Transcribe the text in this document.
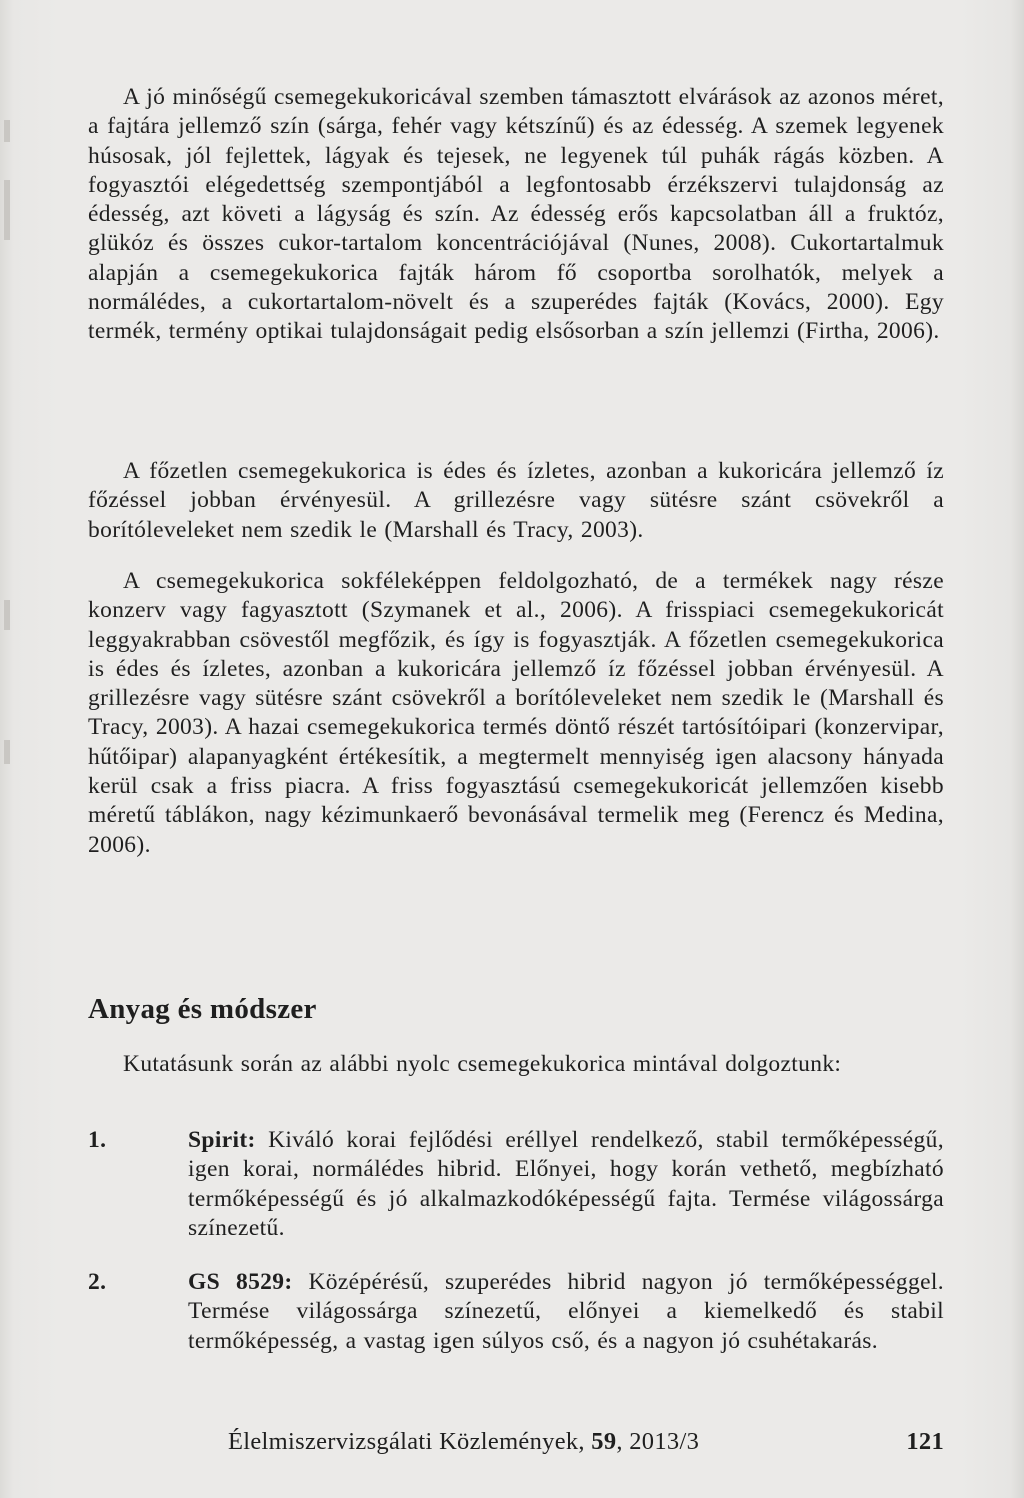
A jó minőségű csemegekukoricával szemben támasztott elvárások az azonos méret, a fajtára jellemző szín (sárga, fehér vagy kétszínű) és az édesség. A szemek legyenek húsosak, jól fejlettek, lágyak és tejesek, ne legyenek túl puhák rágás közben. A fogyasztói elégedettség szempontjából a legfontosabb érzékszervi tulajdonság az édesség, azt követi a lágyság és szín. Az édesség erős kapcsolatban áll a fruktóz, glükóz és összes cukor-tartalom koncentrációjával (Nunes, 2008). Cukortartalmuk alapján a csemegekukorica fajták három fő csoportba sorolhatók, melyek a normálédes, a cukortartalom-növelt és a szuperédes fajták (Kovács, 2000). Egy termék, termény optikai tulajdonságait pedig elsősorban a szín jellemzi (Firtha, 2006).

A főzetlen csemegekukorica is édes és ízletes, azonban a kukoricára jellemző íz főzéssel jobban érvényesül. A grillezésre vagy sütésre szánt csövekről a borítóleveleket nem szedik le (Marshall és Tracy, 2003).

A csemegekukorica sokféleképpen feldolgozható, de a termékek nagy része konzerv vagy fagyasztott (Szymanek et al., 2006). A frisspiaci csemegekukoricát leggyakrabban csövestől megfőzik, és így is fogyasztják. A főzetlen csemegekukorica is édes és ízletes, azonban a kukoricára jellemző íz főzéssel jobban érvényesül. A grillezésre vagy sütésre szánt csövekről a borítóleveleket nem szedik le (Marshall és Tracy, 2003). A hazai csemegekukorica termés döntő részét tartósítóipari (konzervipar, hűtőipar) alapanyagként értékesítik, a megtermelt mennyiség igen alacsony hányada kerül csak a friss piacra. A friss fogyasztású csemegekukoricát jellemzően kisebb méretű táblákon, nagy kézimunkaerő bevonásával termelik meg (Ferencz és Medina, 2006).

Anyag és módszer

Kutatásunk során az alábbi nyolc csemegekukorica mintával dolgoztunk:

1.	Spirit: Kiváló korai fejlődési eréllyel rendelkező, stabil termőképességű, igen korai, normálédes hibrid. Előnyei, hogy korán vethető, megbízható termőképességű és jó alkalmazkodóképességű fajta. Termése világossárga színezetű.
2.	GS 8529: Középérésű, szuperédes hibrid nagyon jó termőképességgel. Termése világossárga színezetű, előnyei a kiemelkedő és stabil termőképesség, a vastag igen súlyos cső, és a nagyon jó csuhétakarás.
Élelmiszervizsgálati Közlemények, 59, 2013/3	121
